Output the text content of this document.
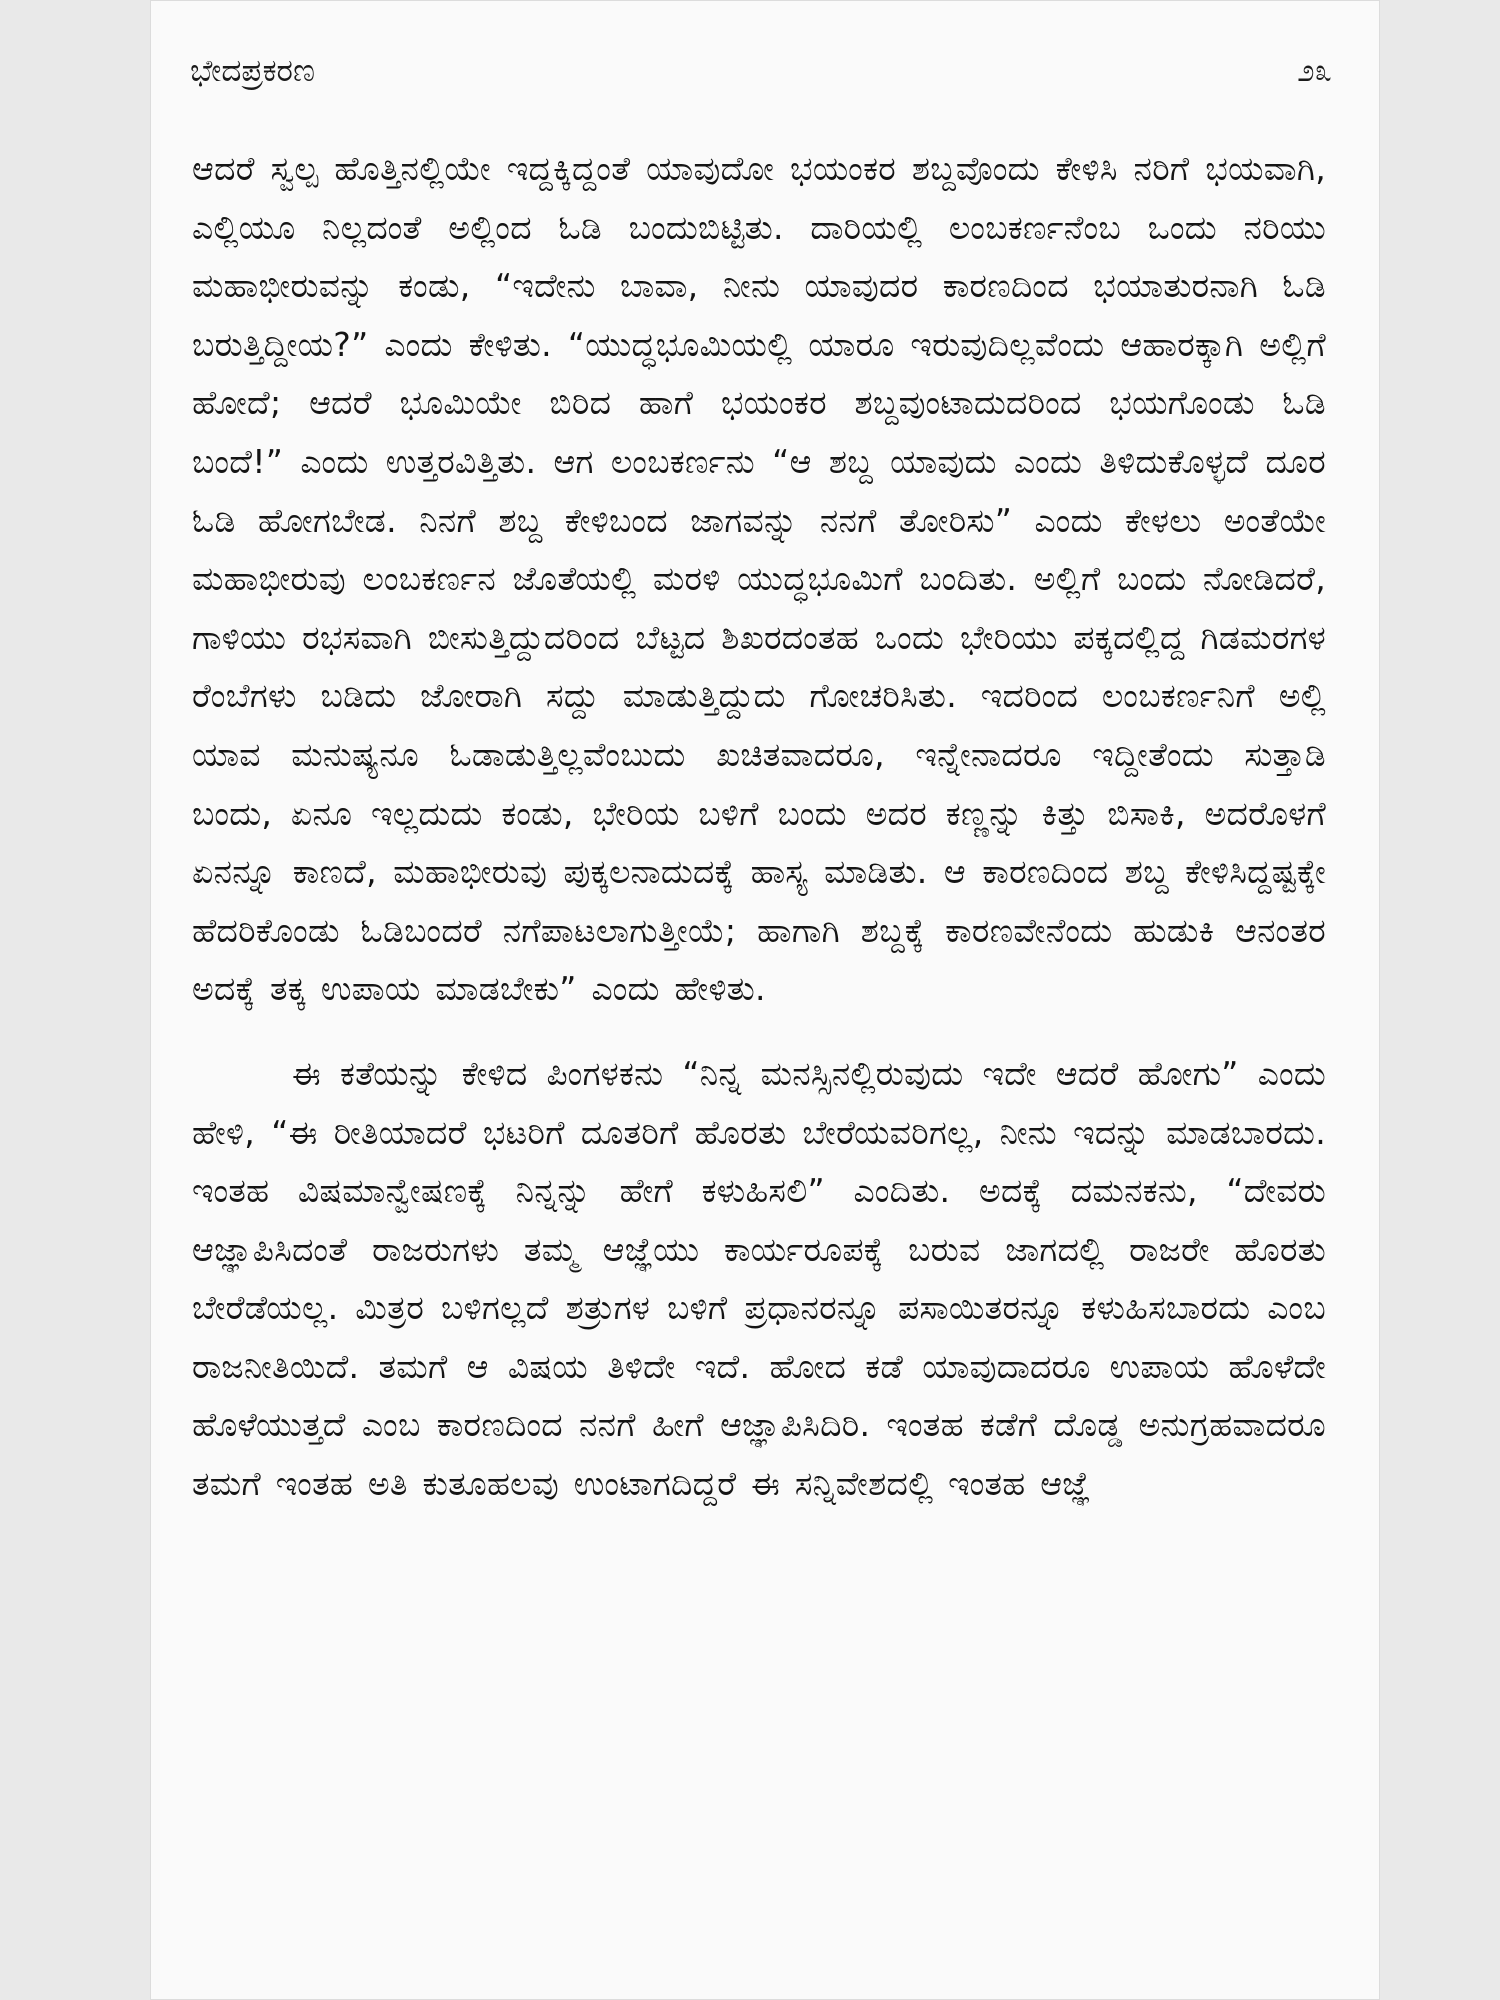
ಭೇದಪ್ರಕರಣ	೨೩

ಆದರೆ ಸ್ವಲ್ಪ ಹೊತ್ತಿನಲ್ಲಿಯೇ ಇದ್ದಕ್ಕಿದ್ದಂತೆ ಯಾವುದೋ ಭಯಂಕರ ಶಬ್ದವೊಂದು ಕೇಳಿಸಿ ನರಿಗೆ ಭಯವಾಗಿ, ಎಲ್ಲಿಯೂ ನಿಲ್ಲದಂತೆ ಅಲ್ಲಿಂದ ಓಡಿ ಬಂದುಬಿಟ್ಟಿತು. ದಾರಿಯಲ್ಲಿ ಲಂಬಕರ್ಣನೆಂಬ ಒಂದು ನರಿಯು ಮಹಾಭೀರುವನ್ನು ಕಂಡು, “ಇದೇನು ಬಾವಾ, ನೀನು ಯಾವುದರ ಕಾರಣದಿಂದ ಭಯಾತುರನಾಗಿ ಓಡಿ ಬರುತ್ತಿದ್ದೀಯ?” ಎಂದು ಕೇಳಿತು. “ಯುದ್ಧಭೂಮಿಯಲ್ಲಿ ಯಾರೂ ಇರುವುದಿಲ್ಲವೆಂದು ಆಹಾರಕ್ಕಾಗಿ ಅಲ್ಲಿಗೆ ಹೋದೆ; ಆದರೆ ಭೂಮಿಯೇ ಬಿರಿದ ಹಾಗೆ ಭಯಂಕರ ಶಬ್ದವುಂಟಾದುದರಿಂದ ಭಯಗೊಂಡು ಓಡಿ ಬಂದೆ!” ಎಂದು ಉತ್ತರವಿತ್ತಿತು. ಆಗ ಲಂಬಕರ್ಣನು “ಆ ಶಬ್ದ ಯಾವುದು ಎಂದು ತಿಳಿದುಕೊಳ್ಳದೆ ದೂರ ಓಡಿ ಹೋಗಬೇಡ. ನಿನಗೆ ಶಬ್ದ ಕೇಳಿಬಂದ ಜಾಗವನ್ನು ನನಗೆ ತೋರಿಸು” ಎಂದು ಕೇಳಲು ಅಂತೆಯೇ ಮಹಾಭೀರುವು ಲಂಬಕರ್ಣನ ಜೊತೆಯಲ್ಲಿ ಮರಳಿ ಯುದ್ಧಭೂಮಿಗೆ ಬಂದಿತು. ಅಲ್ಲಿಗೆ ಬಂದು ನೋಡಿದರೆ, ಗಾಳಿಯು ರಭಸವಾಗಿ ಬೀಸುತ್ತಿದ್ದುದರಿಂದ ಬೆಟ್ಟದ ಶಿಖರದಂತಹ ಒಂದು ಭೇರಿಯು ಪಕ್ಕದಲ್ಲಿದ್ದ ಗಿಡಮರಗಳ ರೆಂಬೆಗಳು ಬಡಿದು ಜೋರಾಗಿ ಸದ್ದು ಮಾಡುತ್ತಿದ್ದುದು ಗೋಚರಿಸಿತು. ಇದರಿಂದ ಲಂಬಕರ್ಣನಿಗೆ ಅಲ್ಲಿ ಯಾವ ಮನುಷ್ಯನೂ ಓಡಾಡುತ್ತಿಲ್ಲವೆಂಬುದು ಖಚಿತವಾದರೂ, ಇನ್ನೇನಾದರೂ ಇದ್ದೀತೆಂದು ಸುತ್ತಾಡಿ ಬಂದು, ಏನೂ ಇಲ್ಲದುದು ಕಂಡು, ಭೇರಿಯ ಬಳಿಗೆ ಬಂದು ಅದರ ಕಣ್ಣನ್ನು ಕಿತ್ತು ಬಿಸಾಕಿ, ಅದರೊಳಗೆ ಏನನ್ನೂ ಕಾಣದೆ, ಮಹಾಭೀರುವು ಪುಕ್ಕಲನಾದುದಕ್ಕೆ ಹಾಸ್ಯ ಮಾಡಿತು. ಆ ಕಾರಣದಿಂದ ಶಬ್ದ ಕೇಳಿಸಿದ್ದಷ್ಟಕ್ಕೇ ಹೆದರಿಕೊಂಡು ಓಡಿಬಂದರೆ ನಗೆಪಾಟಲಾಗುತ್ತೀಯೆ; ಹಾಗಾಗಿ ಶಬ್ದಕ್ಕೆ ಕಾರಣವೇನೆಂದು ಹುಡುಕಿ ಆನಂತರ ಅದಕ್ಕೆ ತಕ್ಕ ಉಪಾಯ ಮಾಡಬೇಕು” ಎಂದು ಹೇಳಿತು.

ಈ ಕತೆಯನ್ನು ಕೇಳಿದ ಪಿಂಗಳಕನು “ನಿನ್ನ ಮನಸ್ಸಿನಲ್ಲಿರುವುದು ಇದೇ ಆದರೆ ಹೋಗು” ಎಂದು ಹೇಳಿ, “ಈ ರೀತಿಯಾದರೆ ಭಟರಿಗೆ ದೂತರಿಗೆ ಹೊರತು ಬೇರೆಯವರಿಗಲ್ಲ, ನೀನು ಇದನ್ನು ಮಾಡಬಾರದು. ಇಂತಹ ವಿಷಮಾನ್ವೇಷಣಕ್ಕೆ ನಿನ್ನನ್ನು ಹೇಗೆ ಕಳುಹಿಸಲಿ” ಎಂದಿತು. ಅದಕ್ಕೆ ದಮನಕನು, “ದೇವರು ಆಜ್ಞಾಪಿಸಿದಂತೆ ರಾಜರುಗಳು ತಮ್ಮ ಆಜ್ಞೆಯು ಕಾರ್ಯರೂಪಕ್ಕೆ ಬರುವ ಜಾಗದಲ್ಲಿ ರಾಜರೇ ಹೊರತು ಬೇರೆಡೆಯಲ್ಲ. ಮಿತ್ರರ ಬಳಿಗಲ್ಲದೆ ಶತ್ರುಗಳ ಬಳಿಗೆ ಪ್ರಧಾನರನ್ನೂ ಪಸಾಯಿತರನ್ನೂ ಕಳುಹಿಸಬಾರದು ಎಂಬ ರಾಜನೀತಿಯಿದೆ. ತಮಗೆ ಆ ವಿಷಯ ತಿಳಿದೇ ಇದೆ. ಹೋದ ಕಡೆ ಯಾವುದಾದರೂ ಉಪಾಯ ಹೊಳೆದೇ ಹೊಳೆಯುತ್ತದೆ ಎಂಬ ಕಾರಣದಿಂದ ನನಗೆ ಹೀಗೆ ಆಜ್ಞಾಪಿಸಿದಿರಿ. ಇಂತಹ ಕಡೆಗೆ ದೊಡ್ಡ ಅನುಗ್ರಹವಾದರೂ ತಮಗೆ ಇಂತಹ ಅತಿ ಕುತೂಹಲವು ಉಂಟಾಗದಿದ್ದರೆ ಈ ಸನ್ನಿವೇಶದಲ್ಲಿ ಇಂತಹ ಆಜ್ಞೆ
